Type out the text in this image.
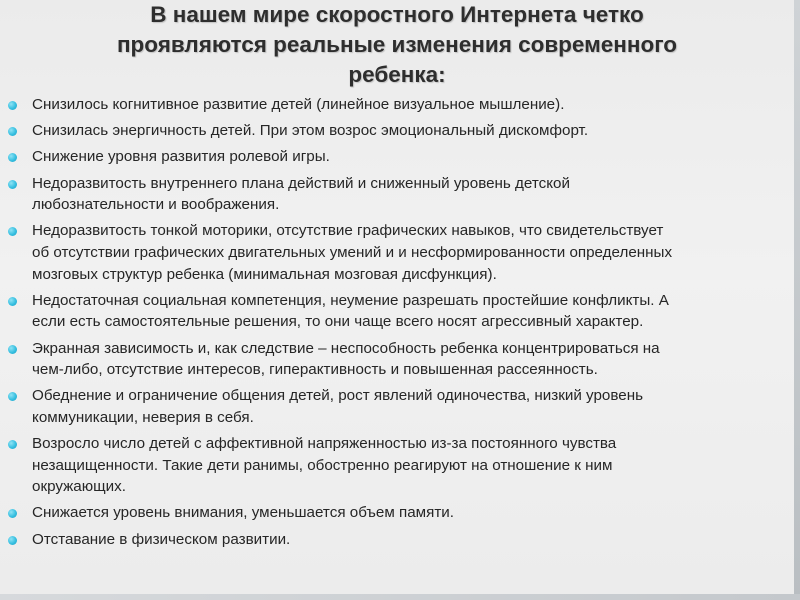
В нашем мире скоростного Интернета четко
проявляются реальные изменения современного
ребенка:
Снизилось когнитивное развитие детей (линейное визуальное мышление).
Снизилась энергичность детей. При этом возрос эмоциональный дискомфорт.
Снижение уровня развития ролевой игры.
Недоразвитость внутреннего плана действий и сниженный уровень детской
любознательности и воображения.
Недоразвитость тонкой моторики, отсутствие графических навыков, что свидетельствует
об отсутствии графических двигательных умений и и несформированности определенных
мозговых структур ребенка (минимальная мозговая дисфункция).
Недостаточная социальная компетенция, неумение разрешать простейшие конфликты. А
если есть самостоятельные решения, то они чаще всего носят агрессивный характер.
Экранная зависимость и, как следствие – неспособность ребенка концентрироваться на
чем-либо, отсутствие интересов, гиперактивность и повышенная рассеянность.
Обеднение и ограничение общения детей, рост явлений одиночества, низкий уровень
коммуникации, неверия в себя.
Возросло число детей с аффективной напряженностью из-за постоянного чувства
незащищенности. Такие дети ранимы, обостренно реагируют на отношение к ним
окружающих.
Снижается уровень внимания, уменьшается объем памяти.
Отставание в физическом развитии.
